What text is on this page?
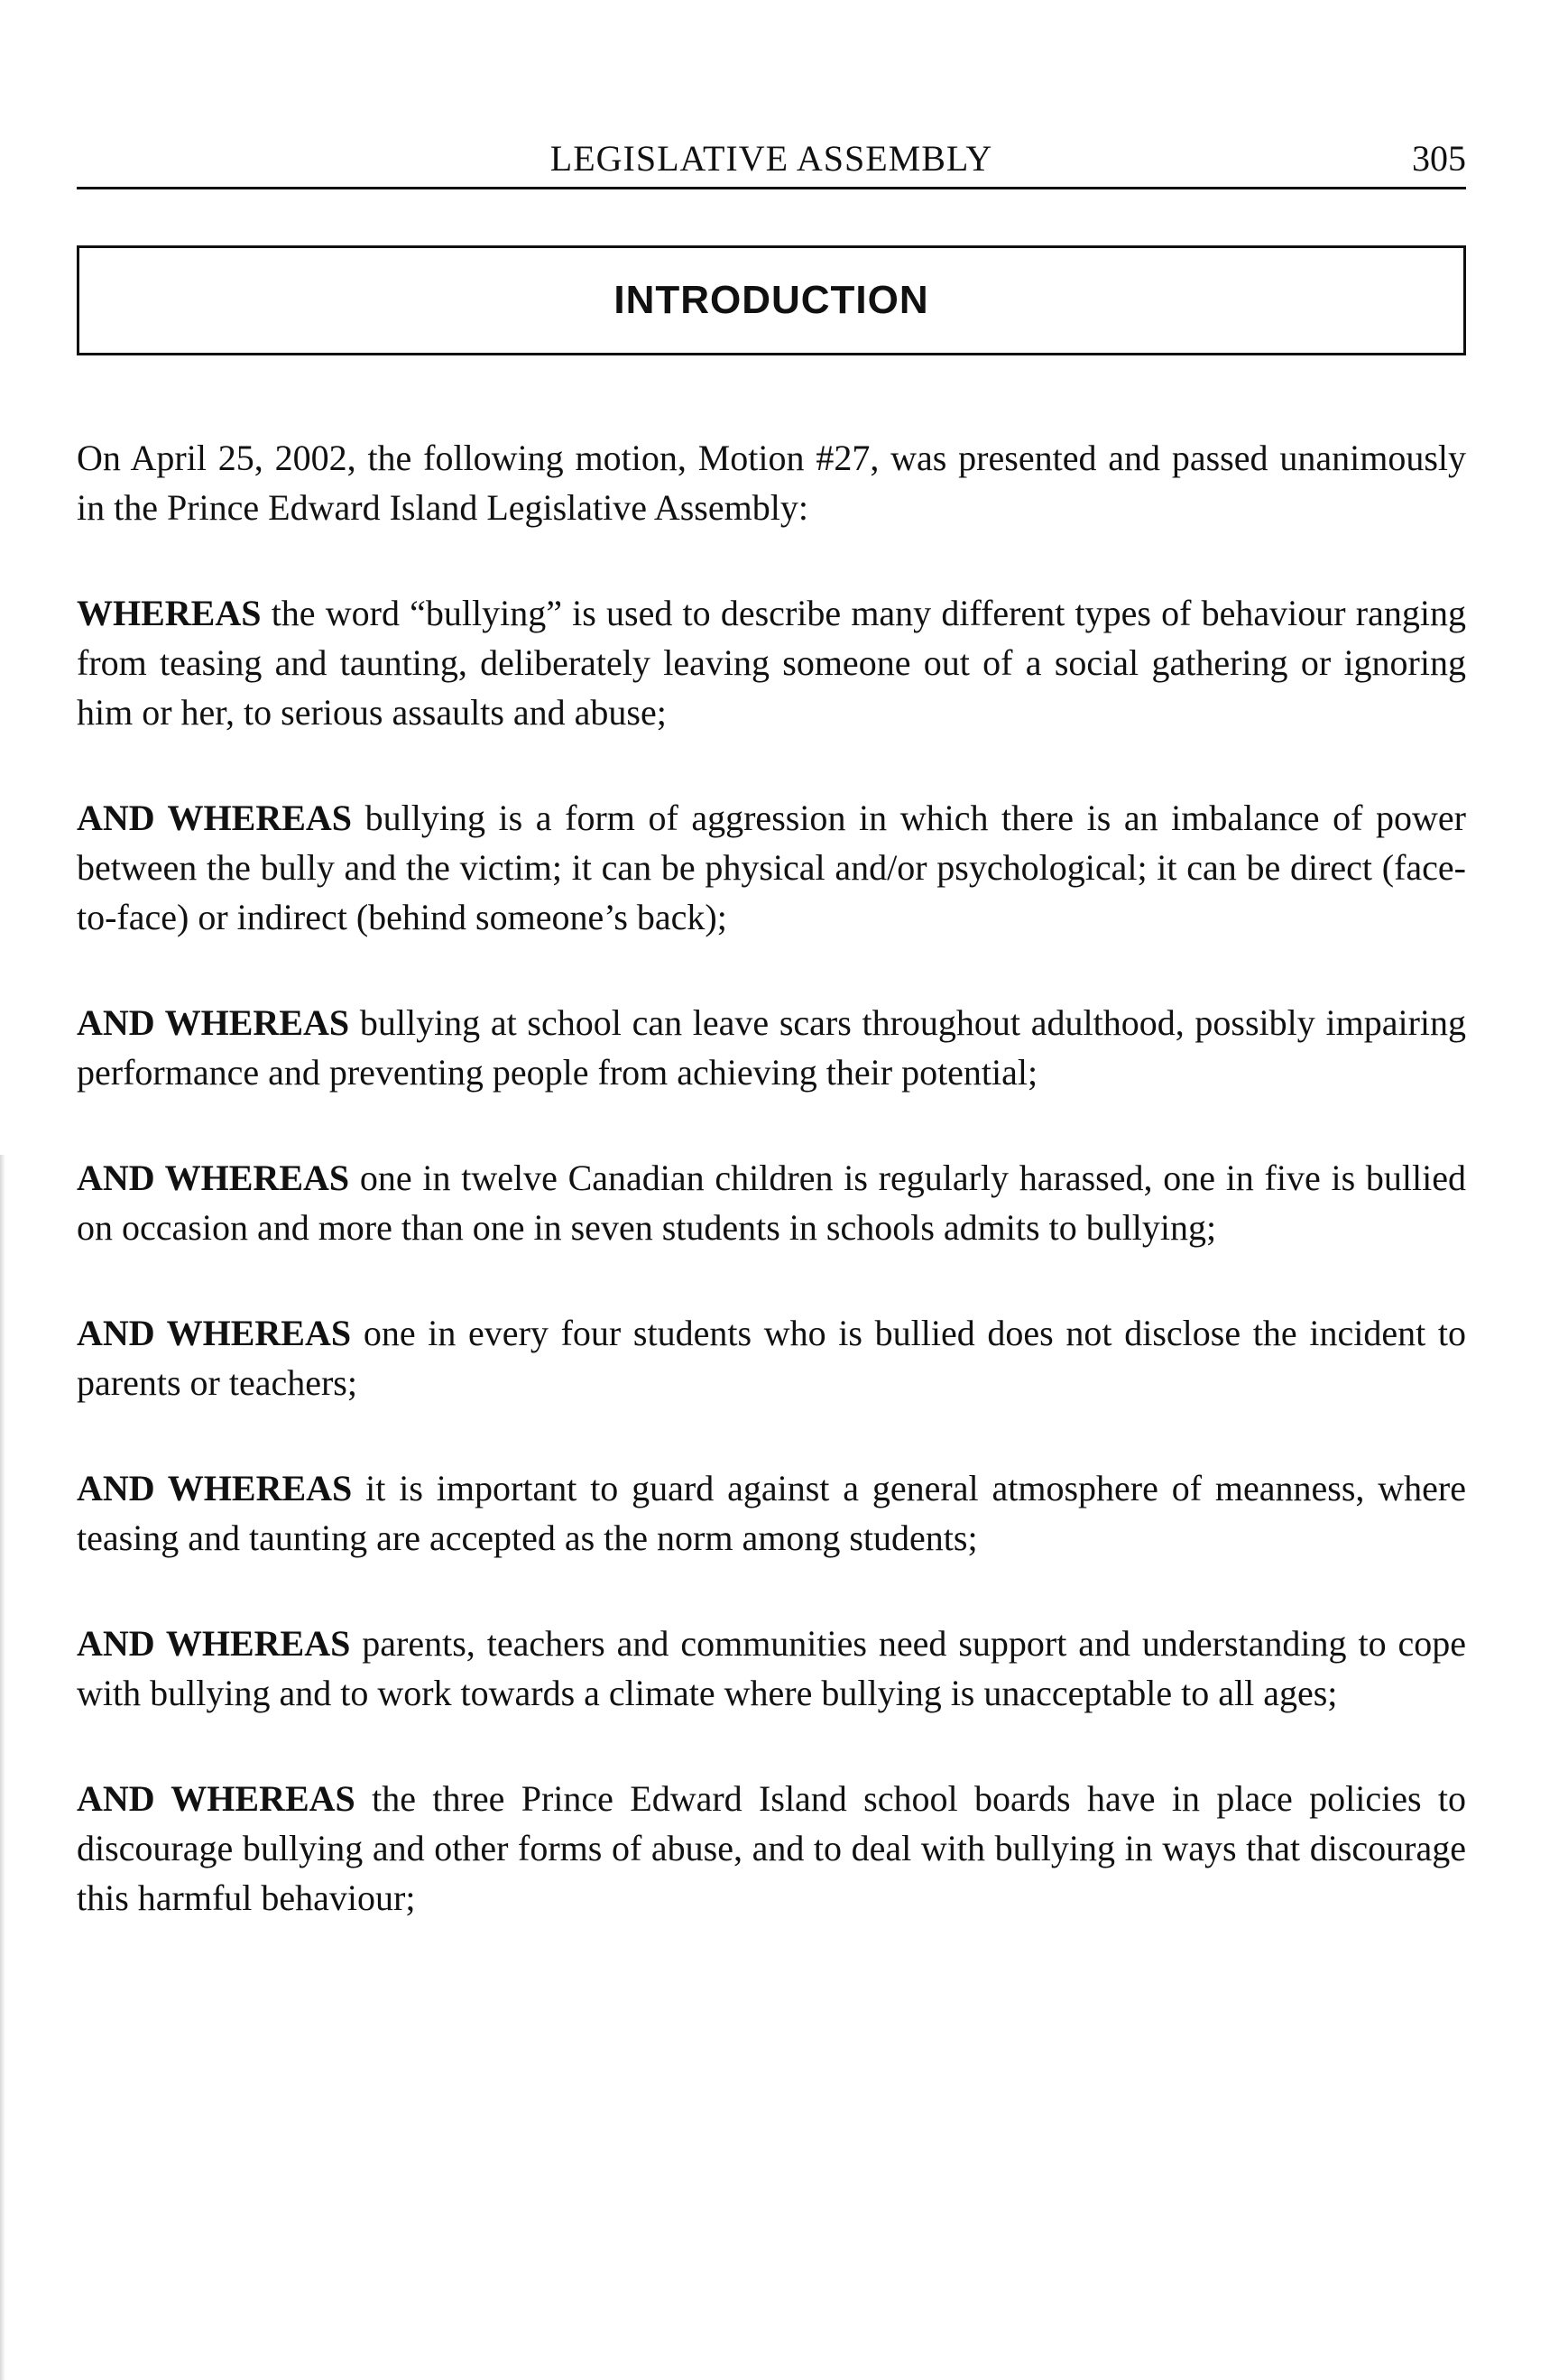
LEGISLATIVE ASSEMBLY	305
INTRODUCTION

On April 25, 2002, the following motion, Motion #27, was presented and passed unanimously in the Prince Edward Island Legislative Assembly:

WHEREAS the word “bullying” is used to describe many different types of behaviour ranging from teasing and taunting, deliberately leaving someone out of a social gathering or ignoring him or her, to serious assaults and abuse;

AND WHEREAS bullying is a form of aggression in which there is an imbalance of power between the bully and the victim; it can be physical and/or psychological; it can be direct (face-to-face) or indirect (behind someone’s back);

AND WHEREAS bullying at school can leave scars throughout adulthood, possibly impairing performance and preventing people from achieving their potential;

AND WHEREAS one in twelve Canadian children is regularly harassed, one in five is bullied on occasion and more than one in seven students in schools admits to bullying;

AND WHEREAS one in every four students who is bullied does not disclose the incident to parents or teachers;

AND WHEREAS it is important to guard against a general atmosphere of meanness, where teasing and taunting are accepted as the norm among students;

AND WHEREAS parents, teachers and communities need support and understanding to cope with bullying and to work towards a climate where bullying is unacceptable to all ages;

AND WHEREAS the three Prince Edward Island school boards have in place policies to discourage bullying and other forms of abuse, and to deal with bullying in ways that discourage this harmful behaviour;
